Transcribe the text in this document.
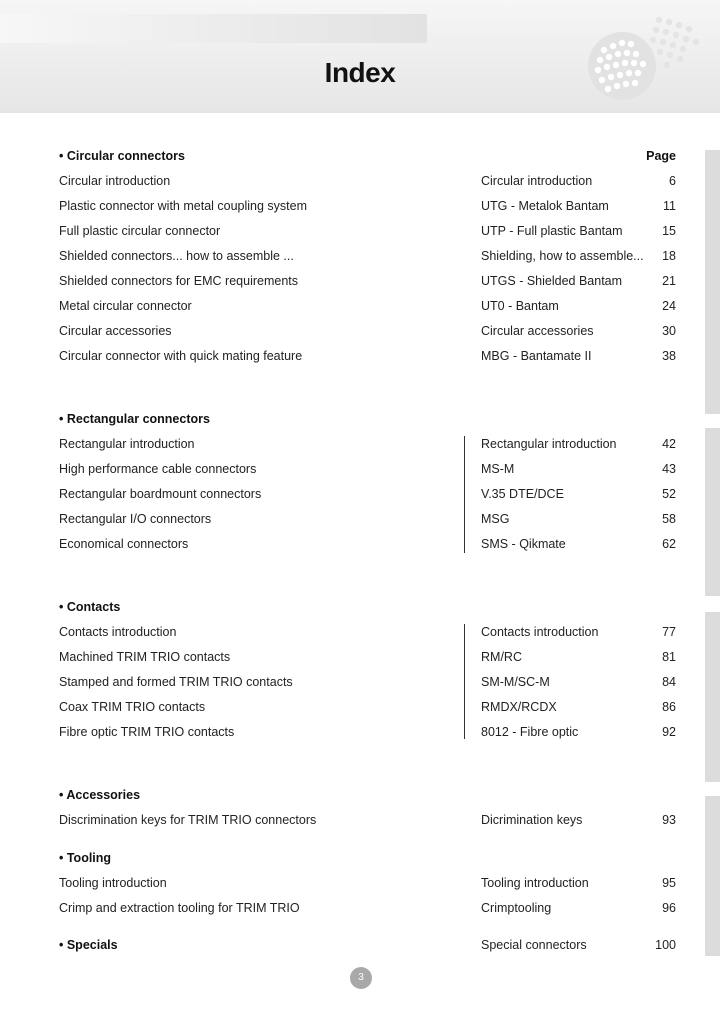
Index
• Circular connectors	Page
Circular introduction	Circular introduction	6
Plastic connector with metal coupling system	UTG - Metalok Bantam	11
Full plastic circular connector	UTP - Full plastic Bantam	15
Shielded connectors... how to assemble ...	Shielding, how to assemble... 18
Shielded connectors for EMC requirements	UTGS - Shielded Bantam	21
Metal circular connector	UT0 - Bantam	24
Circular accessories	Circular accessories	30
Circular connector with quick mating feature	MBG - Bantamate II	38
• Rectangular connectors
Rectangular introduction	Rectangular introduction	42
High performance cable connectors	MS-M	43
Rectangular boardmount connectors	V.35 DTE/DCE	52
Rectangular I/O connectors	MSG	58
Economical connectors	SMS - Qikmate	62
• Contacts
Contacts introduction	Contacts introduction	77
Machined TRIM TRIO contacts	RM/RC	81
Stamped and formed TRIM TRIO contacts	SM-M/SC-M	84
Coax TRIM TRIO contacts	RMDX/RCDX	86
Fibre optic TRIM TRIO contacts	8012 - Fibre optic	92
• Accessories
Discrimination keys for TRIM TRIO connectors	Dicrimination keys	93
• Tooling
Tooling introduction	Tooling introduction	95
Crimp and extraction tooling for TRIM TRIO	Crimptooling	96
• Specials	Special connectors	100
3
